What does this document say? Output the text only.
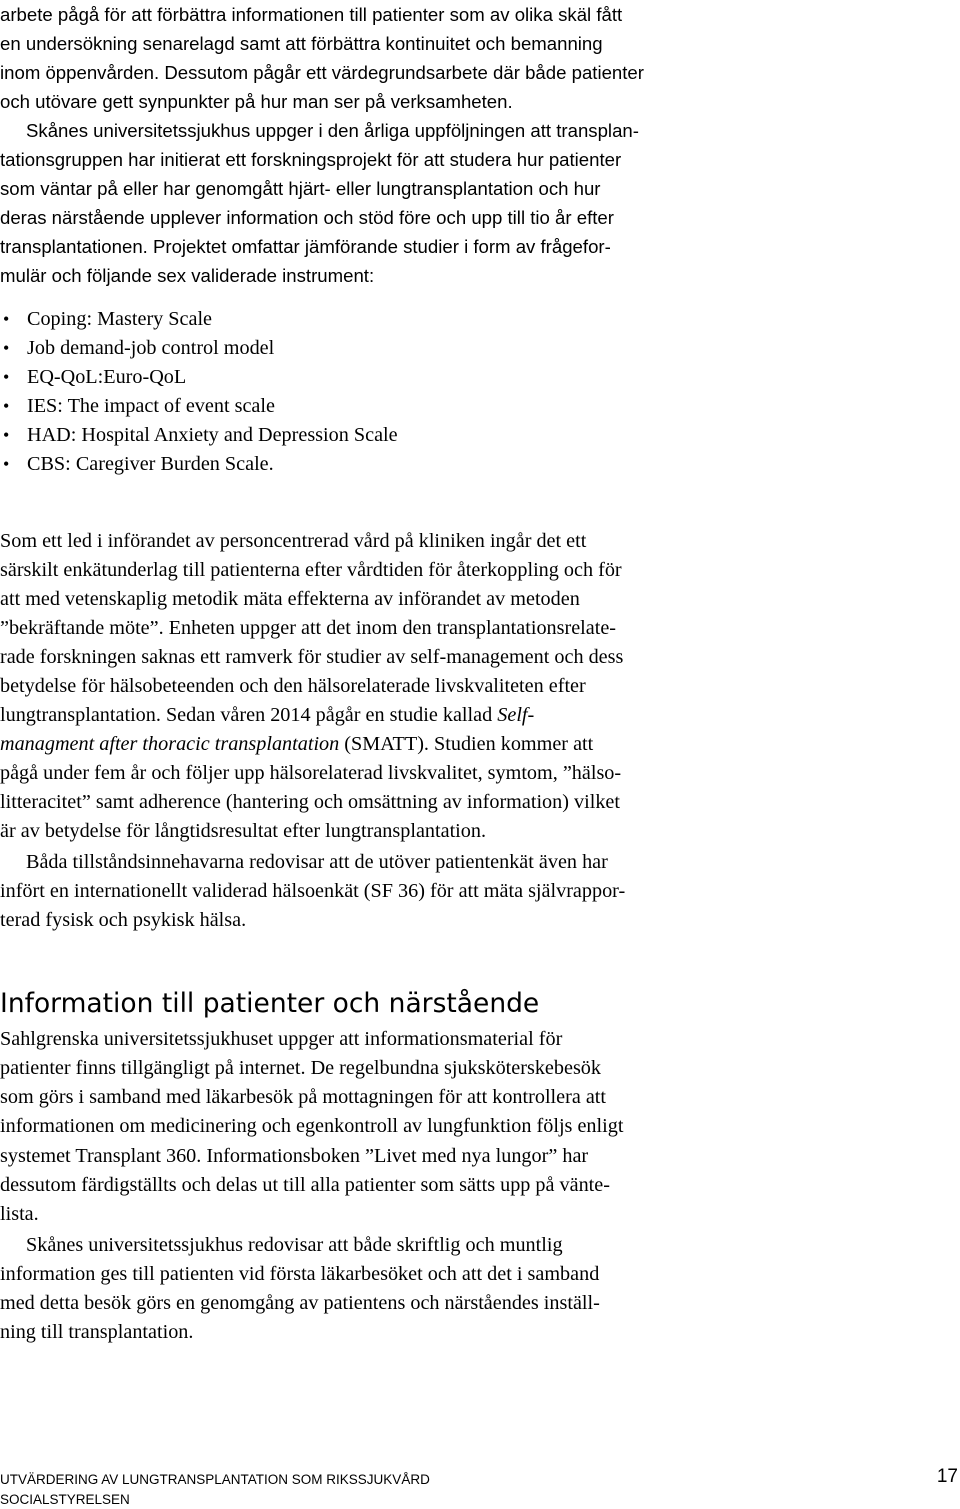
arbete pågå för att förbättra informationen till patienter som av olika skäl fått
en undersökning senarelagd samt att förbättra kontinuitet och bemanning
inom öppenvården. Dessutom pågår ett värdegrundsarbete där både patienter
och utövare gett synpunkter på hur man ser på verksamheten.
Skånes universitetssjukhus uppger i den årliga uppföljningen att transplan-
tationsgruppen har initierat ett forskningsprojekt för att studera hur patienter
som väntar på eller har genomgått hjärt- eller lungtransplantation och hur
deras närstående upplever information och stöd före och upp till tio år efter
transplantationen. Projektet omfattar jämförande studier i form av frågefor-
mulär och följande sex validerade instrument:
• Coping: Mastery Scale
• Job demand-job control model
• EQ-QoL:Euro-QoL
• IES: The impact of event scale
• HAD: Hospital Anxiety and Depression Scale
• CBS: Caregiver Burden Scale.
Som ett led i införandet av personcentrerad vård på kliniken ingår det ett
särskilt enkätunderlag till patienterna efter vårdtiden för återkoppling och för
att med vetenskaplig metodik mäta effekterna av införandet av metoden
”bekräftande möte”. Enheten uppger att det inom den transplantationsrelate-
rade forskningen saknas ett ramverk för studier av self-management och dess
betydelse för hälsobeteenden och den hälsorelaterade livskvaliteten efter
lungtransplantation. Sedan våren 2014 pågår en studie kallad Self-
managment after thoracic transplantation (SMATT). Studien kommer att
pågå under fem år och följer upp hälsorelaterad livskvalitet, symtom, ”hälso-
litteracitet” samt adherence (hantering och omsättning av information) vilket
är av betydelse för långtidsresultat efter lungtransplantation.
Båda tillståndsinnehavarna redovisar att de utöver patientenkät även har
infört en internationellt validerad hälsoenkät (SF 36) för att mäta självrappor-
terad fysisk och psykisk hälsa.
Information till patienter och närstående
Sahlgrenska universitetssjukhuset uppger att informationsmaterial för
patienter finns tillgängligt på internet. De regelbundna sjuksköterskebesök
som görs i samband med läkarbesök på mottagningen för att kontrollera att
informationen om medicinering och egenkontroll av lungfunktion följs enligt
systemet Transplant 360. Informationsboken ”Livet med nya lungor” har
dessutom färdigställts och delas ut till alla patienter som sätts upp på vänte-
lista.
Skånes universitetssjukhus redovisar att både skriftlig och muntlig
information ges till patienten vid första läkarbesöket och att det i samband
med detta besök görs en genomgång av patientens och närståendes inställ-
ning till transplantation.
UTVÄRDERING AV LUNGTRANSPLANTATION SOM RIKSSJUKVÅRD
SOCIALSTYRELSEN
17
